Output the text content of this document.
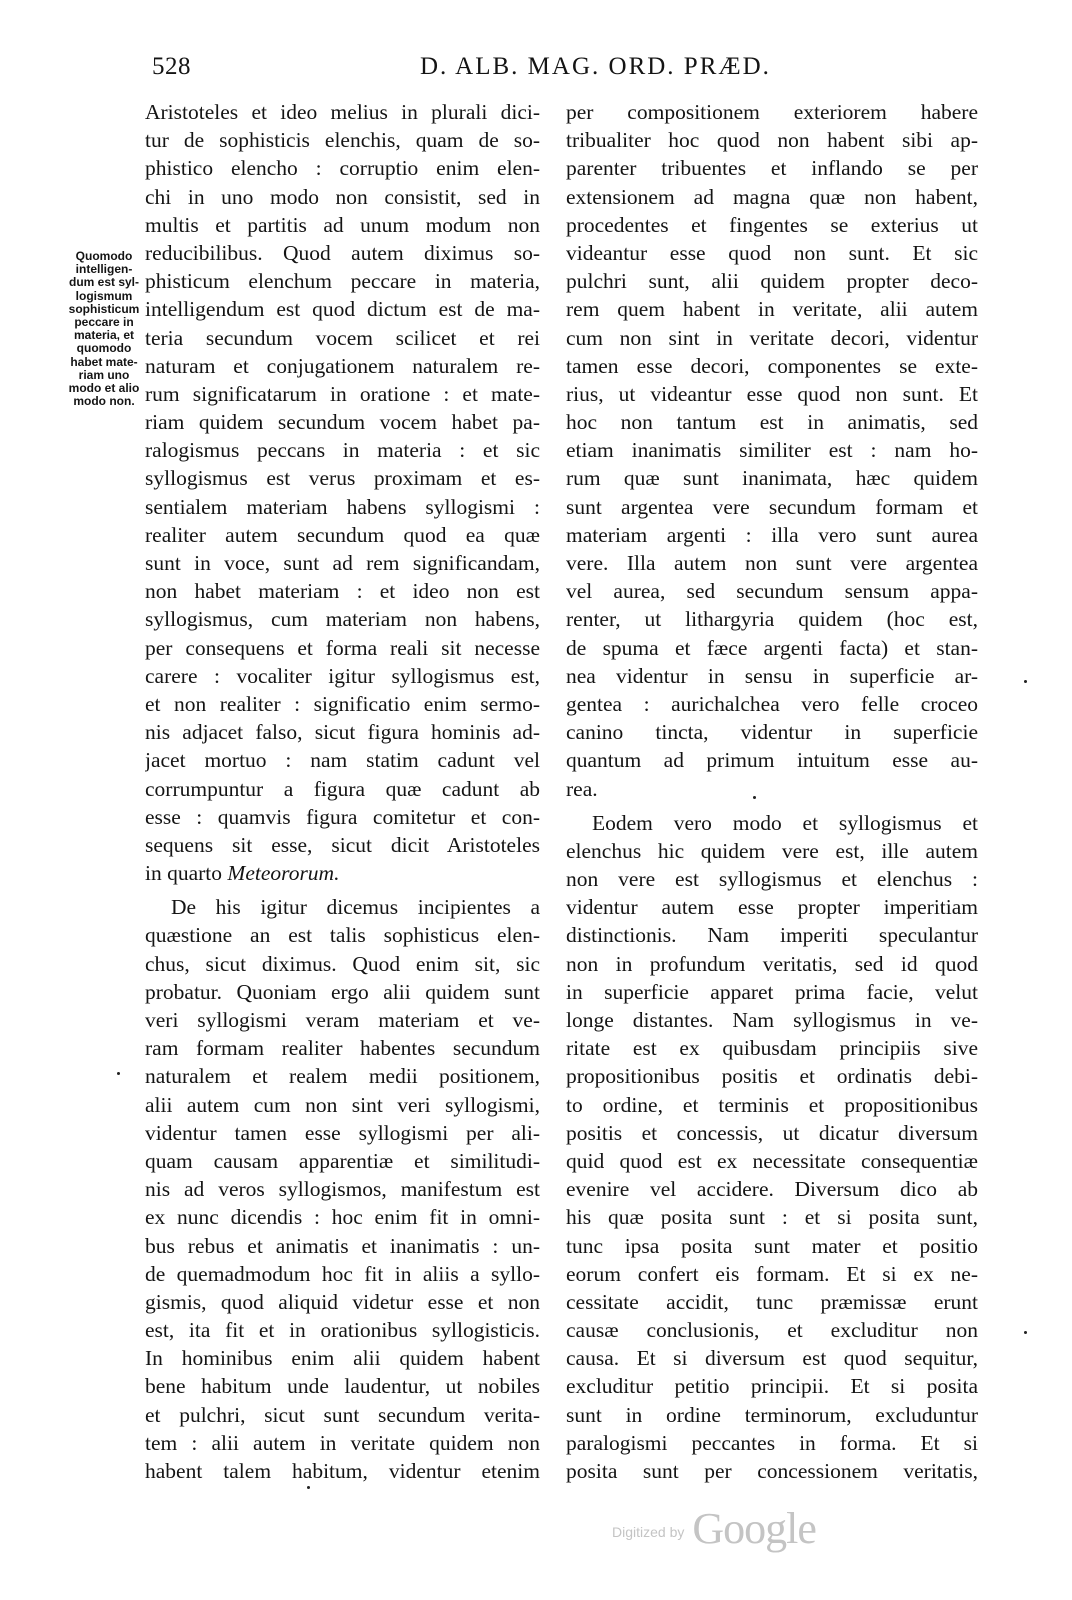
528	D. ALB. MAG. ORD. PRÆD.
Quomodo
intelligen-
dum est syl-
logismum
sophisticum
peccare in
materia, et
quomodo
habet mate-
riam uno
modo et alio
modo non.

Aristoteles et ideo melius in plurali dici-
tur de sophisticis elenchis, quam de so-
phistico elencho : corruptio enim elen-
chi in uno modo non consistit, sed in
multis et partitis ad unum modum non
reducibilibus. Quod autem diximus so-
phisticum elenchum peccare in materia,
intelligendum est quod dictum est de ma-
teria secundum vocem scilicet et rei
naturam et conjugationem naturalem re-
rum significatarum in oratione : et mate-
riam quidem secundum vocem habet pa-
ralogismus peccans in materia : et sic
syllogismus est verus proximam et es-
sentialem materiam habens syllogismi :
realiter autem secundum quod ea quæ
sunt in voce, sunt ad rem significandam,
non habet materiam : et ideo non est
syllogismus, cum materiam non habens,
per consequens et forma reali sit necesse
carere : vocaliter igitur syllogismus est,
et non realiter : significatio enim sermo-
nis adjacet falso, sicut figura hominis ad-
jacet mortuo : nam statim cadunt vel
corrumpuntur a figura quæ cadunt ab
esse : quamvis figura comitetur et con-
sequens sit esse, sicut dicit Aristoteles
in quarto Meteororum.

De his igitur dicemus incipientes a
quæstione an est talis sophisticus elen-
chus, sicut diximus. Quod enim sit, sic
probatur. Quoniam ergo alii quidem sunt
veri syllogismi veram materiam et ve-
ram formam realiter habentes secundum
naturalem et realem medii positionem,
alii autem cum non sint veri syllogismi,
videntur tamen esse syllogismi per ali-
quam causam apparentiæ et similitudi-
nis ad veros syllogismos, manifestum est
ex nunc dicendis : hoc enim fit in omni-
bus rebus et animatis et inanimatis : un-
de quemadmodum hoc fit in aliis a syllo-
gismis, quod aliquid videtur esse et non
est, ita fit et in orationibus syllogisticis.
In hominibus enim alii quidem habent
bene habitum unde laudentur, ut nobiles
et pulchri, sicut sunt secundum verita-
tem : alii autem in veritate quidem non
habent talem habitum, videntur etenim

per compositionem exteriorem habere
tribualiter hoc quod non habent sibi ap-
parenter tribuentes et inflando se per
extensionem ad magna quæ non habent,
procedentes et fingentes se exterius ut
videantur esse quod non sunt. Et sic
pulchri sunt, alii quidem propter deco-
rem quem habent in veritate, alii autem
cum non sint in veritate decori, videntur
tamen esse decori, componentes se exte-
rius, ut videantur esse quod non sunt. Et
hoc non tantum est in animatis, sed
etiam inanimatis similiter est : nam ho-
rum quæ sunt inanimata, hæc quidem
sunt argentea vere secundum formam et
materiam argenti : illa vero sunt aurea
vere. Illa autem non sunt vere argentea
vel aurea, sed secundum sensum appa-
renter, ut lithargyria quidem (hoc est,
de spuma et fæce argenti facta) et stan-
nea videntur in sensu in superficie ar-
gentea : aurichalchea vero felle croceo
canino tincta, videntur in superficie
quantum ad primum intuitum esse au-
rea.

Eodem vero modo et syllogismus et
elenchus hic quidem vere est, ille autem
non vere est syllogismus et elenchus :
videntur autem esse propter imperitiam
distinctionis. Nam imperiti speculantur
non in profundum veritatis, sed id quod
in superficie apparet prima facie, velut
longe distantes. Nam syllogismus in ve-
ritate est ex quibusdam principiis sive
propositionibus positis et ordinatis debi-
to ordine, et terminis et propositionibus
positis et concessis, ut dicatur diversum
quid quod est ex necessitate consequentiæ
evenire vel accidere. Diversum dico ab
his quæ posita sunt : et si posita sunt,
tunc ipsa posita sunt mater et positio
eorum confert eis formam. Et si ex ne-
cessitate accidit, tunc præmissæ erunt
causæ conclusionis, et excluditur non
causa. Et si diversum est quod sequitur,
excluditur petitio principii. Et si posita
sunt in ordine terminorum, excluduntur
paralogismi peccantes in forma. Et si
posita sunt per concessionem veritatis,

Digitized by Google
